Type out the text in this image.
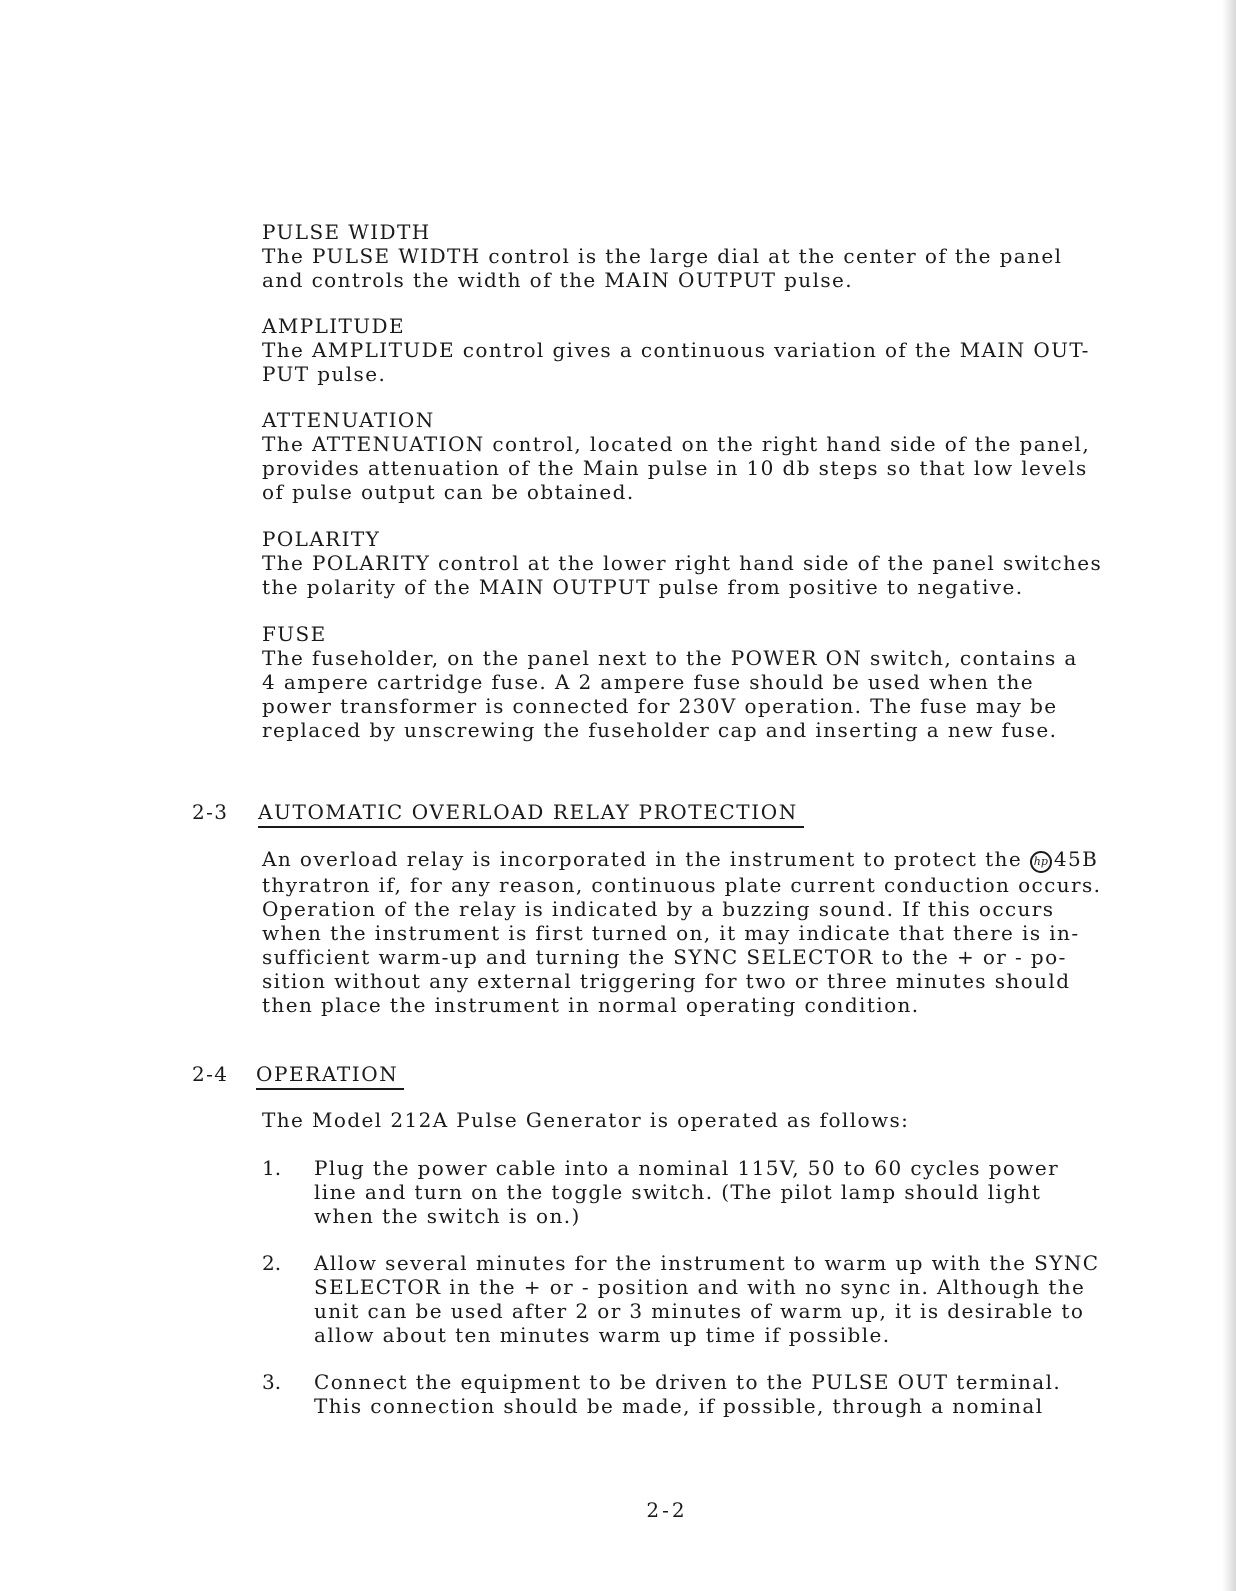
PULSE WIDTH
The PULSE WIDTH control is the large dial at the center of the panel
and controls the width of the MAIN OUTPUT pulse.
AMPLITUDE
The AMPLITUDE control gives a continuous variation of the MAIN OUT-
PUT pulse.
ATTENUATION
The ATTENUATION control, located on the right hand side of the panel,
provides attenuation of the Main pulse in 10 db steps so that low levels
of pulse output can be obtained.
POLARITY
The POLARITY control at the lower right hand side of the panel switches
the polarity of the MAIN OUTPUT pulse from positive to negative.
FUSE
The fuseholder, on the panel next to the POWER ON switch, contains a
4 ampere cartridge fuse. A 2 ampere fuse should be used when the
power transformer is connected for 230V operation. The fuse may be
replaced by unscrewing the fuseholder cap and inserting a new fuse.
2-3 AUTOMATIC OVERLOAD RELAY PROTECTION
An overload relay is incorporated in the instrument to protect the hp 45B
thyratron if, for any reason, continuous plate current conduction occurs.
Operation of the relay is indicated by a buzzing sound. If this occurs
when the instrument is first turned on, it may indicate that there is in-
sufficient warm-up and turning the SYNC SELECTOR to the + or - po-
sition without any external triggering for two or three minutes should
then place the instrument in normal operating condition.
2-4 OPERATION
The Model 212A Pulse Generator is operated as follows:
1. Plug the power cable into a nominal 115V, 50 to 60 cycles power
line and turn on the toggle switch. (The pilot lamp should light
when the switch is on.)
2. Allow several minutes for the instrument to warm up with the SYNC
SELECTOR in the + or - position and with no sync in. Although the
unit can be used after 2 or 3 minutes of warm up, it is desirable to
allow about ten minutes warm up time if possible.
3. Connect the equipment to be driven to the PULSE OUT terminal.
This connection should be made, if possible, through a nominal
2-2
